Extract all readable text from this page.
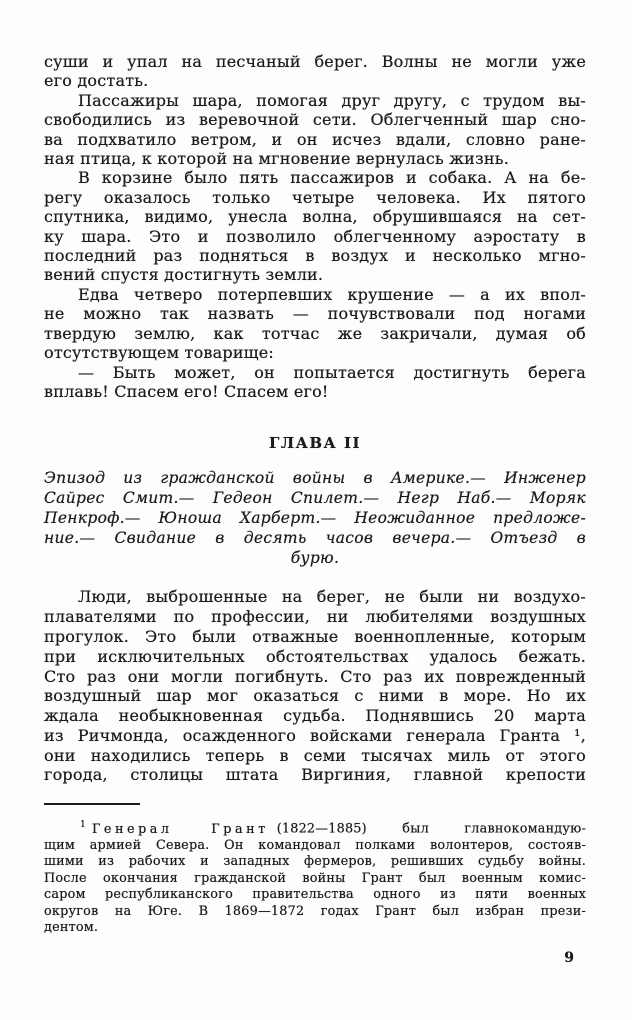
суши и упал на песчаный берег. Волны не могли уже
его достать.
Пассажиры шара, помогая друг другу, с трудом вы-
свободились из веревочной сети. Облегченный шар сно-
ва подхватило ветром, и он исчез вдали, словно ране-
ная птица, к которой на мгновение вернулась жизнь.
В корзине было пять пассажиров и собака. А на бе-
регу оказалось только четыре человека. Их пятого
спутника, видимо, унесла волна, обрушившаяся на сет-
ку шара. Это и позволило облегченному аэростату в
последний раз подняться в воздух и несколько мгно-
вений спустя достигнуть земли.
Едва четверо потерпевших крушение — а их впол-
не можно так назвать — почувствовали под ногами
твердую землю, как тотчас же закричали, думая об
отсутствующем товарище:
— Быть может, он попытается достигнуть берега
вплавь! Спасем его! Спасем его!
ГЛАВА II
Эпизод из гражданской войны в Америке.— Инженер
Сайрес Смит.— Гедеон Спилет.— Негр Наб.— Моряк
Пенкроф.— Юноша Харберт.— Неожиданное предложе-
ние.— Свидание в десять часов вечера.— Отъезд в
бурю.
Люди, выброшенные на берег, не были ни воздухо-
плавателями по профессии, ни любителями воздушных
прогулок. Это были отважные военнопленные, которым
при исключительных обстоятельствах удалось бежать.
Сто раз они могли погибнуть. Сто раз их поврежденный
воздушный шар мог оказаться с ними в море. Но их
ждала необыкновенная судьба. Поднявшись 20 марта
из Ричмонда, осажденного войсками генерала Гранта ¹,
они находились теперь в семи тысячах миль от этого
города, столицы штата Виргиния, главной крепости
$^1$ Генерал Грант (1822—1885) был главнокомандую-
щим армией Севера. Он командовал полками волонтеров, состояв-
шими из рабочих и западных фермеров, решивших судьбу войны.
После окончания гражданской войны Грант был военным комис-
саром республиканского правительства одного из пяти военных
округов на Юге. В 1869—1872 годах Грант был избран прези-
дентом.
9
